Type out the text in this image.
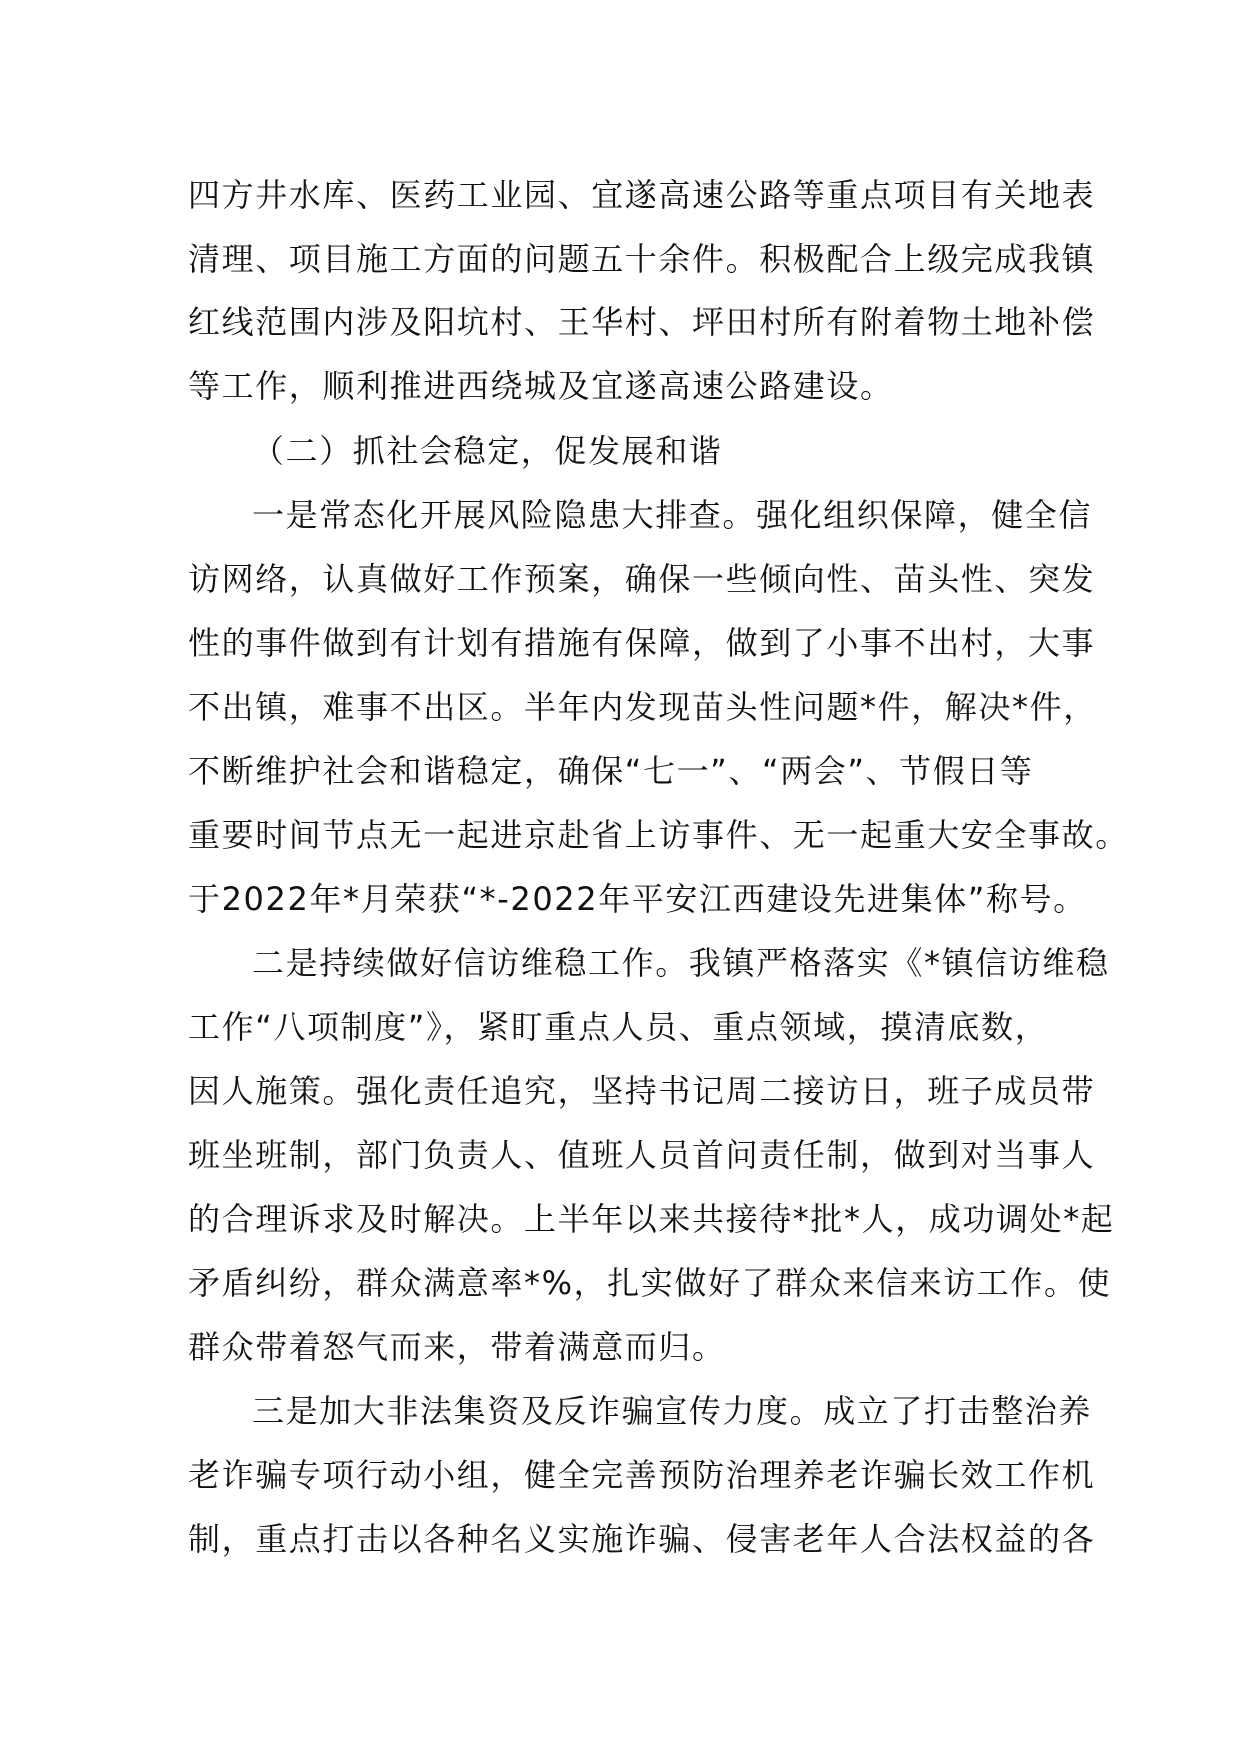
四方井水库、医药工业园、宜遂高速公路等重点项目有关地表
清理、项目施工方面的问题五十余件。积极配合上级完成我镇
红线范围内涉及阳坑村、王华村、坪田村所有附着物土地补偿
等工作，顺利推进西绕城及宜遂高速公路建设。
（二）抓社会稳定，促发展和谐
一是常态化开展风险隐患大排查。强化组织保障，健全信
访网络，认真做好工作预案，确保一些倾向性、苗头性、突发
性的事件做到有计划有措施有保障，做到了小事不出村，大事
不出镇，难事不出区。半年内发现苗头性问题*件，解决*件，
不断维护社会和谐稳定，确保“七一”、“两会”、节假日等
重要时间节点无一起进京赴省上访事件、无一起重大安全事故。
于2022年*月荣获“*-2022年平安江西建设先进集体”称号。
二是持续做好信访维稳工作。我镇严格落实《*镇信访维稳
工作“八项制度”》，紧盯重点人员、重点领域，摸清底数，
因人施策。强化责任追究，坚持书记周二接访日，班子成员带
班坐班制，部门负责人、值班人员首问责任制，做到对当事人
的合理诉求及时解决。上半年以来共接待*批*人，成功调处*起
矛盾纠纷，群众满意率*%，扎实做好了群众来信来访工作。使
群众带着怒气而来，带着满意而归。
三是加大非法集资及反诈骗宣传力度。成立了打击整治养
老诈骗专项行动小组，健全完善预防治理养老诈骗长效工作机
制，重点打击以各种名义实施诈骗、侵害老年人合法权益的各
